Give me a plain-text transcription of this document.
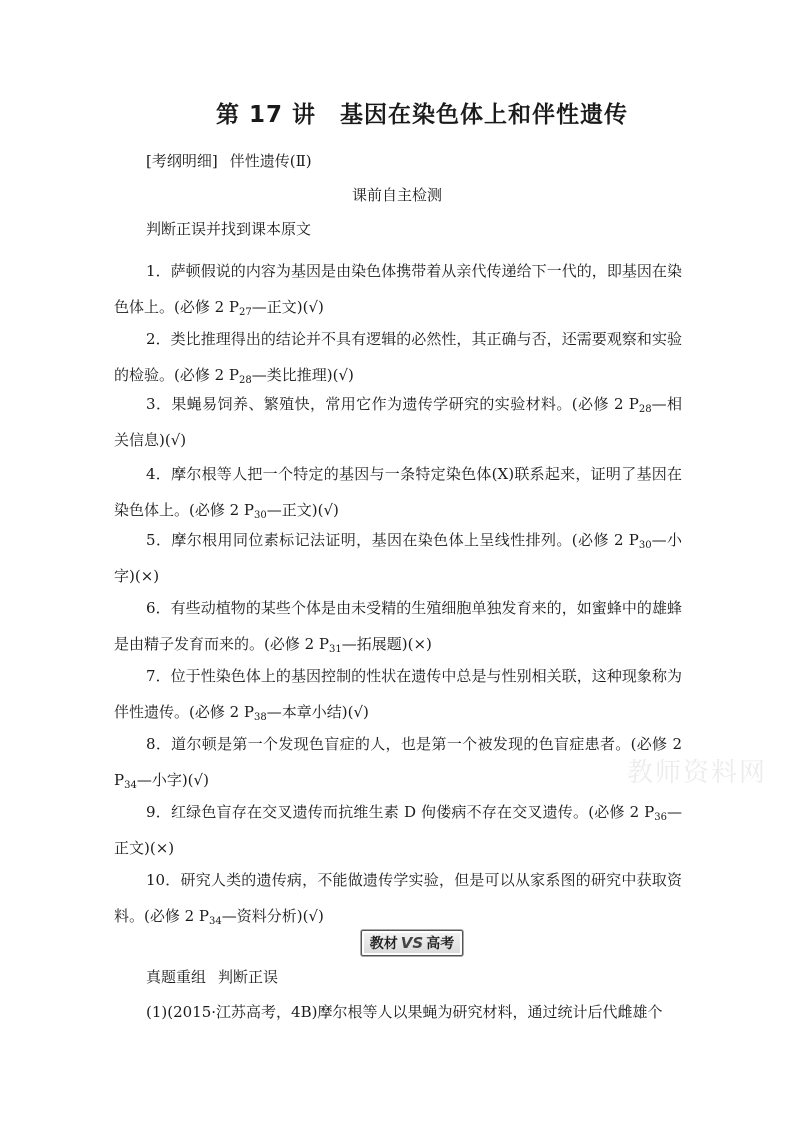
第 17 讲　基因在染色体上和伴性遗传
[考纲明细] 伴性遗传(Ⅱ)
课前自主检测
判断正误并找到课本原文
1．萨顿假说的内容为基因是由染色体携带着从亲代传递给下一代的，即基因在染色体上。(必修 2 $P_{27}—$正文)(√)
2．类比推理得出的结论并不具有逻辑的必然性，其正确与否，还需要观察和实验的检验。(必修 2 $P_{28}—$类比推理)(√)
3．果蝇易饲养、繁殖快，常用它作为遗传学研究的实验材料。(必修 2 $P_{28}—$相关信息)(√)
4．摩尔根等人把一个特定的基因与一条特定染色体(X)联系起来，证明了基因在染色体上。(必修 2 $P_{30}—$正文)(√)
5．摩尔根用同位素标记法证明，基因在染色体上呈线性排列。(必修 2 $P_{30}—$小字)(×)
6．有些动植物的某些个体是由未受精的生殖细胞单独发育来的，如蜜蜂中的雄蜂是由精子发育而来的。(必修 2 $P_{31}—$拓展题)(×)
7．位于性染色体上的基因控制的性状在遗传中总是与性别相关联，这种现象称为伴性遗传。(必修 2 $P_{38}—$本章小结)(√)
8．道尔顿是第一个发现色盲症的人，也是第一个被发现的色盲症患者。(必修 2 $P_{34}—$小字)(√)
9．红绿色盲存在交叉遗传而抗维生素 D 佝偻病不存在交叉遗传。(必修 2 $P_{36}—$正文)(×)
10．研究人类的遗传病，不能做遗传学实验，但是可以从家系图的研究中获取资料。(必修 2 $P_{34}—$资料分析)(√)
教材 VS 高考
真题重组 判断正误
(1)(2015·江苏高考，4B)摩尔根等人以果蝇为研究材料，通过统计后代雌雄个
教师资料网
